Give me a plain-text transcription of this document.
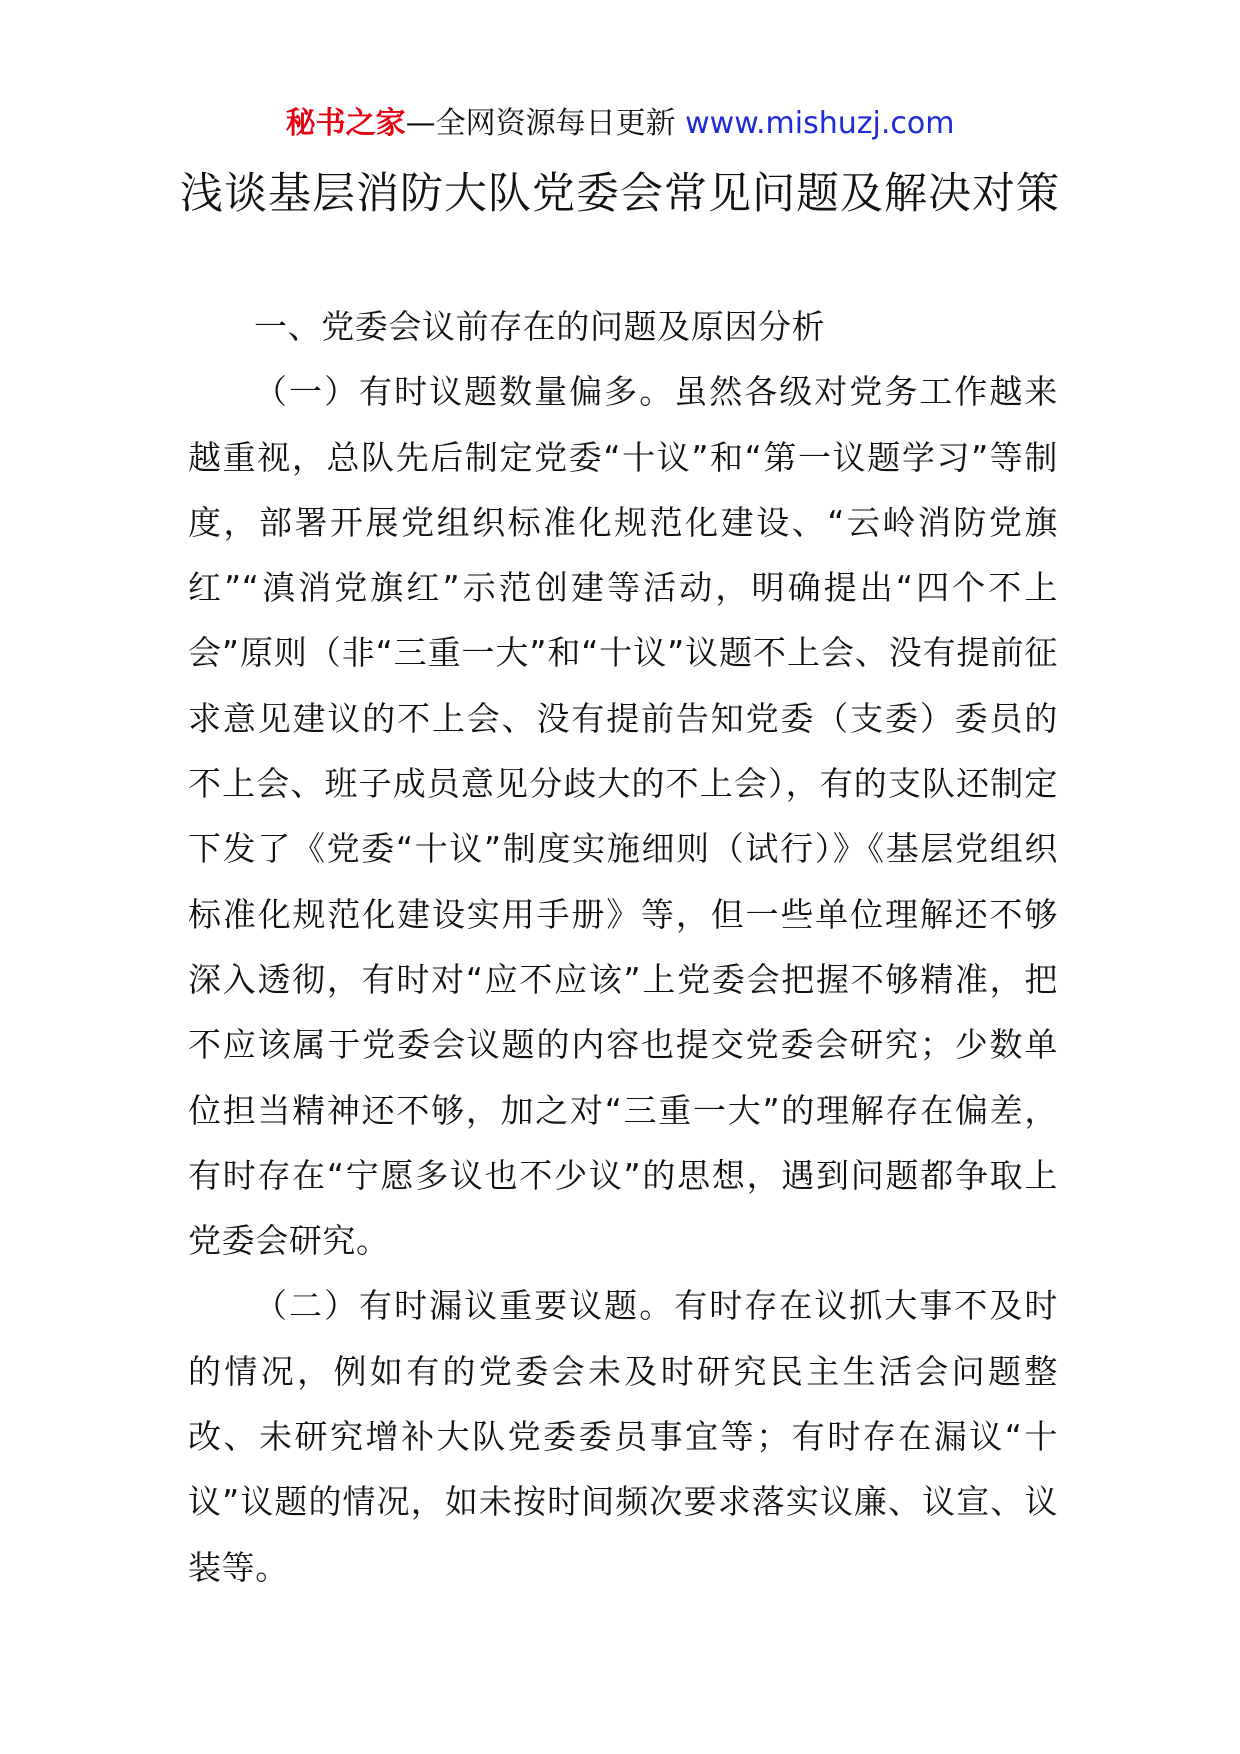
秘书之家—全网资源每日更新 www.mishuzj.com
浅谈基层消防大队党委会常见问题及解决对策

一、党委会议前存在的问题及原因分析

（一）有时议题数量偏多。虽然各级对党务工作越来越重视，总队先后制定党委“十议”和“第一议题学习”等制度，部署开展党组织标准化规范化建设、“云岭消防党旗红”“滇消党旗红”示范创建等活动，明确提出“四个不上会”原则（非“三重一大”和“十议”议题不上会、没有提前征求意见建议的不上会、没有提前告知党委（支委）委员的不上会、班子成员意见分歧大的不上会），有的支队还制定下发了《党委“十议”制度实施细则（试行）》《基层党组织标准化规范化建设实用手册》等，但一些单位理解还不够深入透彻，有时对“应不应该”上党委会把握不够精准，把不应该属于党委会议题的内容也提交党委会研究；少数单位担当精神还不够，加之对“三重一大”的理解存在偏差，有时存在“宁愿多议也不少议”的思想，遇到问题都争取上党委会研究。

（二）有时漏议重要议题。有时存在议抓大事不及时的情况，例如有的党委会未及时研究民主生活会问题整改、未研究增补大队党委委员事宜等；有时存在漏议“十议”议题的情况，如未按时间频次要求落实议廉、议宣、议装等。
